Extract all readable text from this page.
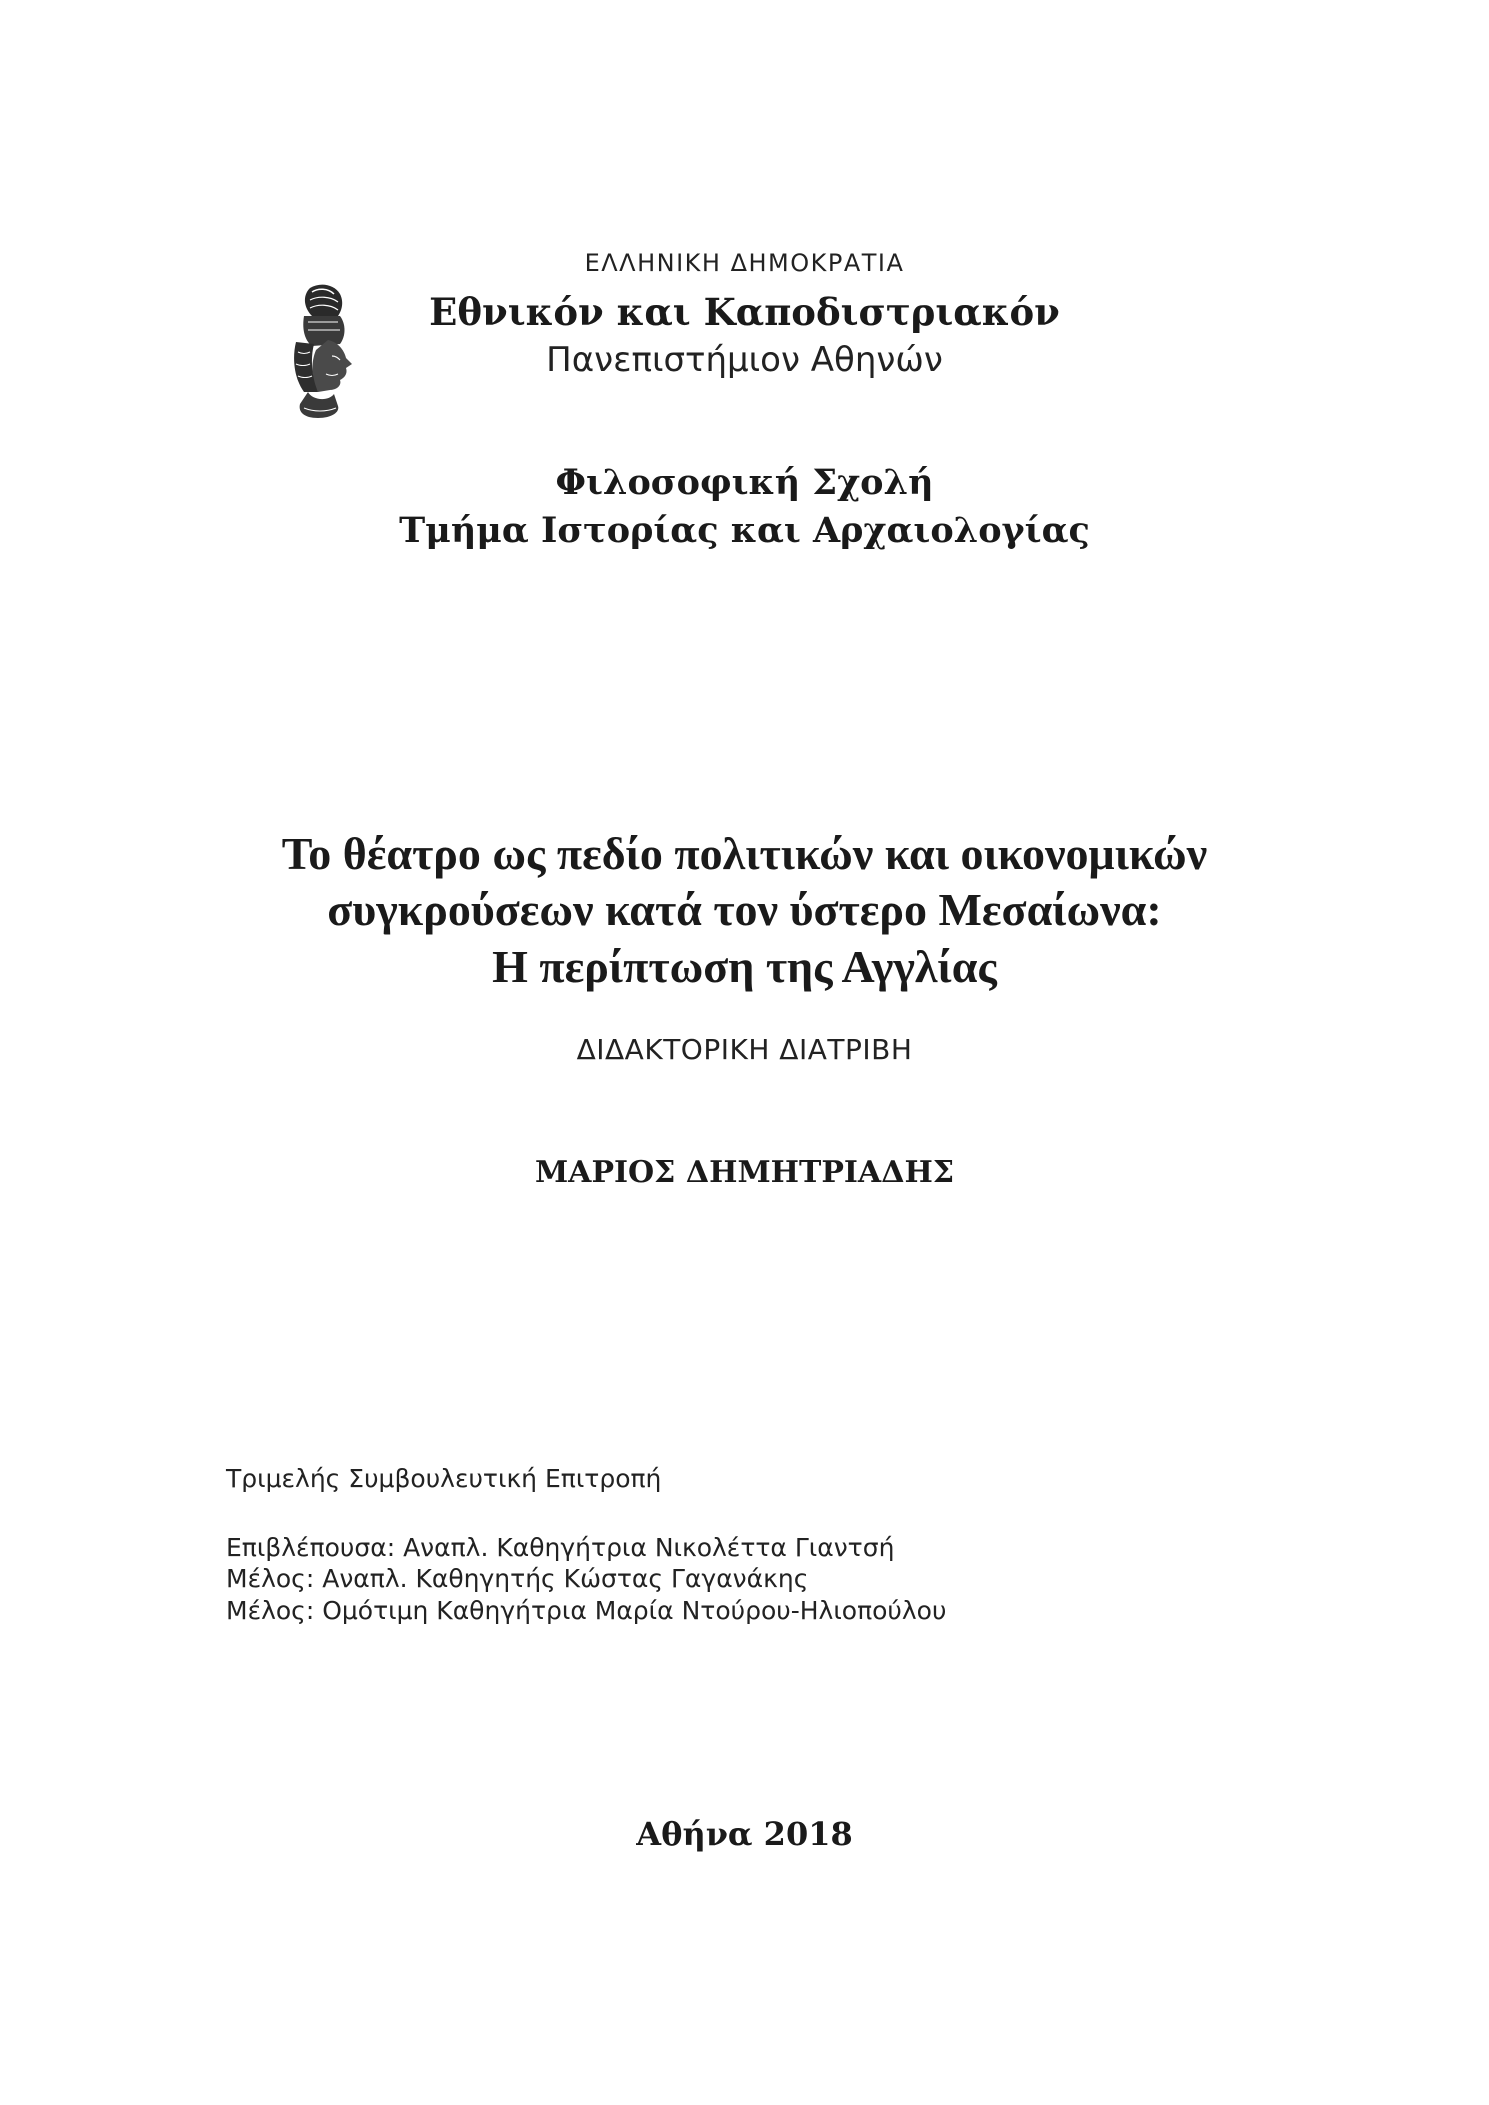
ΕΛΛΗΝΙΚΗ ΔΗΜΟΚΡΑΤΙΑ
Εθνικόν και Καποδιστριακόν
Πανεπιστήμιον Αθηνών
Φιλοσοφική Σχολή
Τμήμα Ιστορίας και Αρχαιολογίας
Το θέατρο ως πεδίο πολιτικών και οικονομικών
συγκρούσεων κατά τον ύστερο Μεσαίωνα:
Η περίπτωση της Αγγλίας
ΔΙΔΑΚΤΟΡΙΚΗ ΔΙΑΤΡΙΒΗ
ΜΑΡΙΟΣ ΔΗΜΗΤΡΙΑΔΗΣ
Τριμελής Συμβουλευτική Επιτροπή
Επιβλέπουσα: Αναπλ. Καθηγήτρια Νικολέττα Γιαντσή
Μέλος: Αναπλ. Καθηγητής Κώστας Γαγανάκης
Μέλος: Ομότιμη Καθηγήτρια Μαρία Ντούρου-Ηλιοπούλου
Αθήνα 2018
